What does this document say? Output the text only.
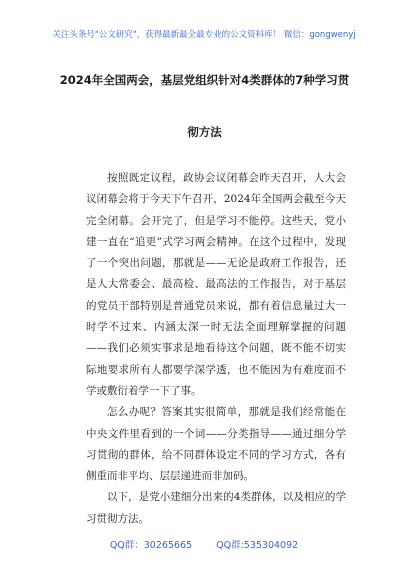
关注头条号"公文研究"，获得最新最全最专业的公文资料库！ 微信：gongwenyj
2024年全国两会，基层党组织针对4类群体的7种学习贯
彻方法

按照既定议程，政协会议闭幕会昨天召开，人大会议闭幕会将于今天下午召开，2024年全国两会截至今天完全闭幕。会开完了，但是学习不能停。这些天，党小建一直在“追更”式学习两会精神。在这个过程中，发现了一个突出问题，那就是——无论是政府工作报告，还是人大常委会、最高检、最高法的工作报告，对于基层的党员干部特别是普通党员来说，都有着信息量过大一时学不过来、内涵太深一时无法全面理解掌握的问题——我们必须实事求是地看待这个问题，既不能不切实际地要求所有人都要学深学透，也不能因为有难度而不学或敷衍着学一下了事。

怎么办呢？答案其实很简单，那就是我们经常能在中央文件里看到的一个词——分类指导——通过细分学习贯彻的群体，给不同群体设定不同的学习方式，各有侧重而非平均、层层递进而非加码。

以下，是党小建细分出来的4类群体，以及相应的学习贯彻方法。

QQ群：30265665	QQ群:535304092
